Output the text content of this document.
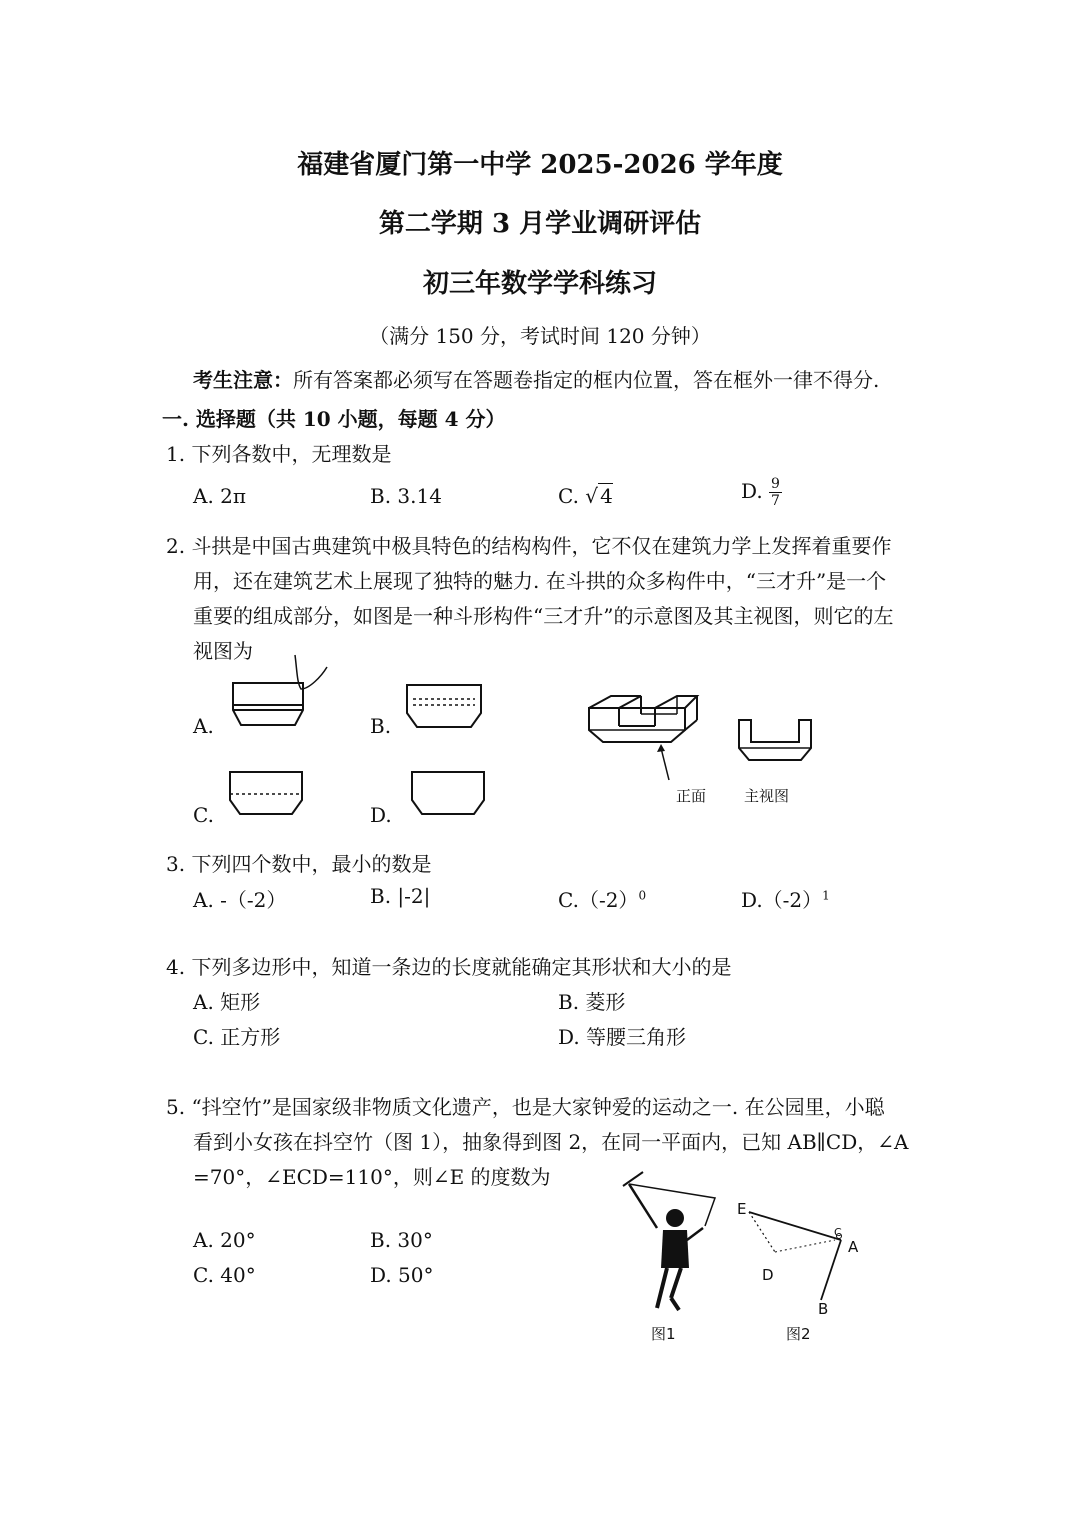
福建省厦门第一中学 2025-2026 学年度
第二学期 3 月学业调研评估
初三年数学学科练习
（满分 150 分，考试时间 120 分钟）
考生注意：所有答案都必须写在答题卷指定的框内位置，答在框外一律不得分.
一. 选择题（共 10 小题，每题 4 分）
1. 下列各数中，无理数是
A. 2π	B. 3.14	C. √ 4	D. $\frac{9}{7}$
2. 斗拱是中国古典建筑中极具特色的结构构件，它不仅在建筑力学上发挥着重要作
用，还在建筑艺术上展现了独特的魅力. 在斗拱的众多构件中，“三才升”是一个
重要的组成部分，如图是一种斗形构件“三才升”的示意图及其主视图，则它的左
视图为
A.	B.
C.	D.
正面	主视图
3. 下列四个数中，最小的数是
A. -（-2）	B. |-2|	$C.(-2)^0$	$D.(-2)^1$
4. 下列多边形中，知道一条边的长度就能确定其形状和大小的是
A. 矩形	B. 菱形
C. 正方形	D. 等腰三角形
5. “抖空竹”是国家级非物质文化遗产，也是大家钟爱的运动之一. 在公园里，小聪
看到小女孩在抖空竹（图 1），抽象得到图 2，在同一平面内，已知 AB∥CD，∠A
=70°，∠ECD=110°，则∠E 的度数为
A. 20°	B. 30°
C. 40°	D. 50°
图1
E
C
A
D
B
图2
